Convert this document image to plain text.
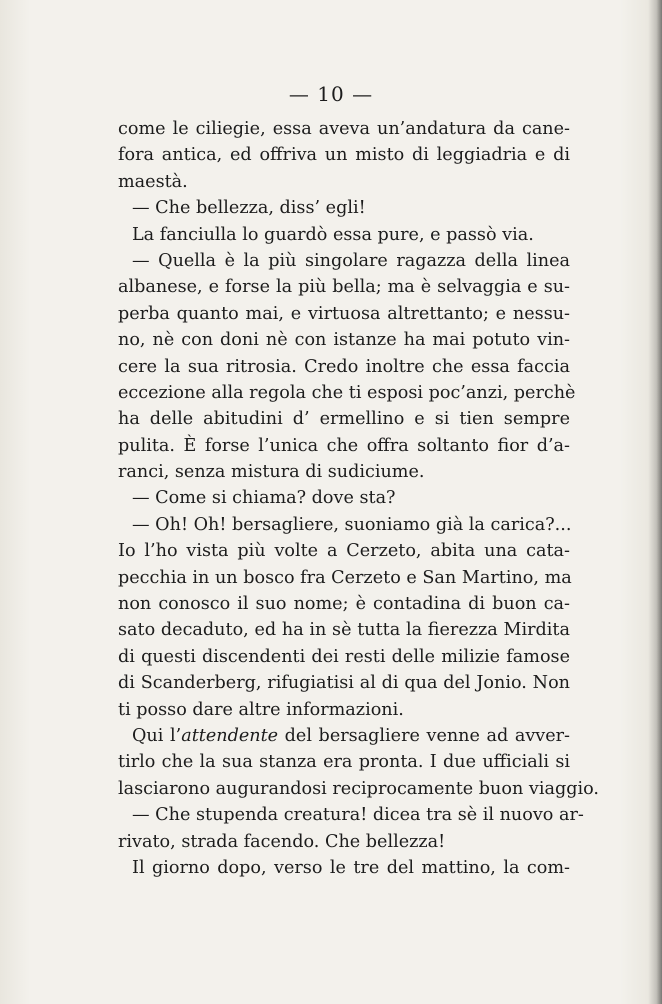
— 10 —
come le ciliegie, essa aveva un’andatura da cane-
fora antica, ed offriva un misto di leggiadria e di
maestà.
— Che bellezza, diss’ egli!
La fanciulla lo guardò essa pure, e passò via.
— Quella è la più singolare ragazza della linea
albanese, e forse la più bella; ma è selvaggia e su-
perba quanto mai, e virtuosa altrettanto; e nessu-
no, nè con doni nè con istanze ha mai potuto vin-
cere la sua ritrosia. Credo inoltre che essa faccia
eccezione alla regola che ti esposi poc’anzi, perchè
ha delle abitudini d’ ermellino e si tien sempre
pulita. È forse l’unica che offra soltanto fior d’a-
ranci, senza mistura di sudiciume.
— Come si chiama? dove sta?
— Oh! Oh! bersagliere, suoniamo già la carica?...
Io l’ho vista più volte a Cerzeto, abita una cata-
pecchia in un bosco fra Cerzeto e San Martino, ma
non conosco il suo nome; è contadina di buon ca-
sato decaduto, ed ha in sè tutta la fierezza Mirdita
di questi discendenti dei resti delle milizie famose
di Scanderberg, rifugiatisi al di qua del Jonio. Non
ti posso dare altre informazioni.
Qui l’attendente del bersagliere venne ad avver-
tirlo che la sua stanza era pronta. I due ufficiali si
lasciarono augurandosi reciprocamente buon viaggio.
— Che stupenda creatura! dicea tra sè il nuovo ar-
rivato, strada facendo. Che bellezza!
Il giorno dopo, verso le tre del mattino, la com-
